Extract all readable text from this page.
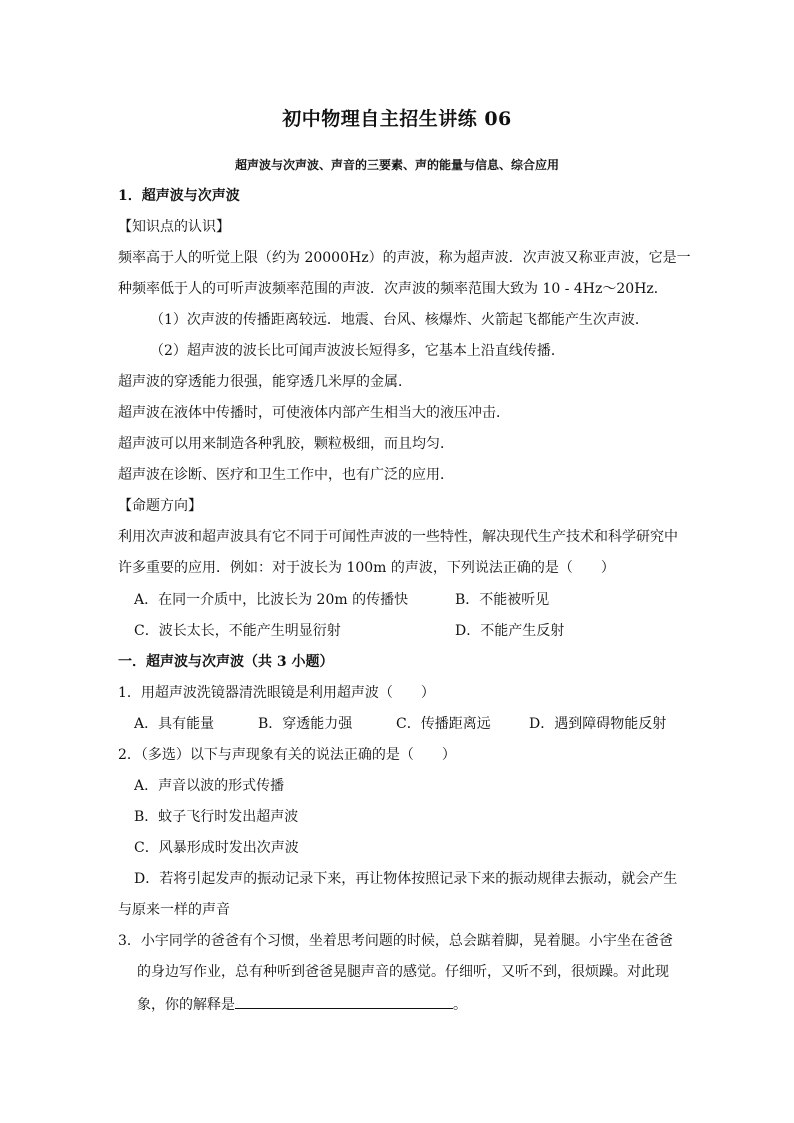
初中物理自主招生讲练 06
超声波与次声波、声音的三要素、声的能量与信息、综合应用
1．超声波与次声波
【知识点的认识】
频率高于人的听觉上限（约为 20000Hz）的声波，称为超声波．次声波又称亚声波，它是一
种频率低于人的可听声波频率范围的声波．次声波的频率范围大致为 10 - 4Hz～20Hz．
（1）次声波的传播距离较远．地震、台风、核爆炸、火箭起飞都能产生次声波．
（2）超声波的波长比可闻声波波长短得多，它基本上沿直线传播．
超声波的穿透能力很强，能穿透几米厚的金属．
超声波在液体中传播时，可使液体内部产生相当大的液压冲击．
超声波可以用来制造各种乳胶，颗粒极细，而且均匀．
超声波在诊断、医疗和卫生工作中，也有广泛的应用．
【命题方向】
利用次声波和超声波具有它不同于可闻性声波的一些特性，解决现代生产技术和科学研究中
许多重要的应用．例如：对于波长为 100m 的声波，下列说法正确的是（　　）
A．在同一介质中，比波长为 20m 的传播快	B．不能被听见
C．波长太长，不能产生明显衍射	D．不能产生反射
一．超声波与次声波（共 3 小题）
1．用超声波洗镜器清洗眼镜是利用超声波（　　）
A．具有能量	B．穿透能力强	C．传播距离远	D．遇到障碍物能反射
2．（多选）以下与声现象有关的说法正确的是（　　）
A．声音以波的形式传播
B．蚊子飞行时发出超声波
C．风暴形成时发出次声波
D．若将引起发声的振动记录下来，再让物体按照记录下来的振动规律去振动，就会产生
与原来一样的声音
3．小宇同学的爸爸有个习惯，坐着思考问题的时候，总会踮着脚，晃着腿。小宇坐在爸爸
的身边写作业，总有种听到爸爸晃腿声音的感觉。仔细听，又听不到，很烦躁。对此现
象，你的解释是	。
